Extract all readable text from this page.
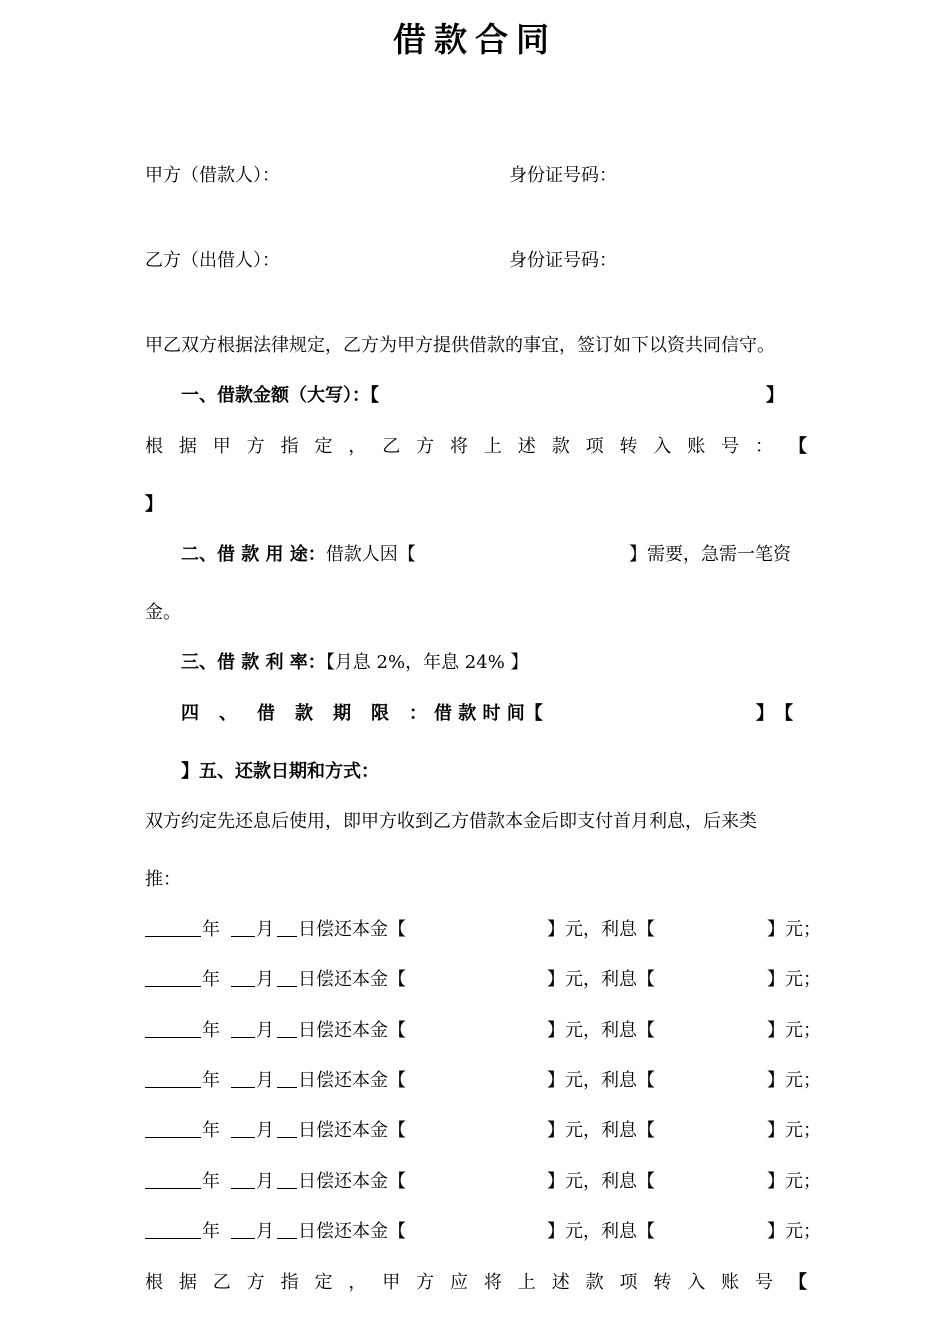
借款合同
甲方（借款人）：	身份证号码：
乙方（出借人）：	身份证号码：
甲乙双方根据法律规定，乙方为甲方提供借款的事宜，签订如下以资共同信守。
一、借款金额（大写）：【	】
根 据 甲 方 指 定 ， 乙 方 将 上 述 款 项 转 入 账 号 ： 【
】
二、借 款 用 途：借款人因【	】需要，急需一笔资
金。
三、借 款 利 率：【月息 2%，年息 24% 】
四 、 借 款 期 限 ： 借 款 时 间【	】【
】五、还款日期和方式：
双方约定先还息后使用，即甲方收到乙方借款本金后即支付首月利息，后来类
推：
年 月 日偿还本金【	】元，利息【	】元；
年 月 日偿还本金【	】元，利息【	】元；
年 月 日偿还本金【	】元，利息【	】元；
年 月 日偿还本金【	】元，利息【	】元；
年 月 日偿还本金【	】元，利息【	】元；
年 月 日偿还本金【	】元，利息【	】元；
年 月 日偿还本金【	】元，利息【	】元；
根 据 乙 方 指 定 ， 甲 方 应 将 上 述 款 项 转 入 账 号 【
